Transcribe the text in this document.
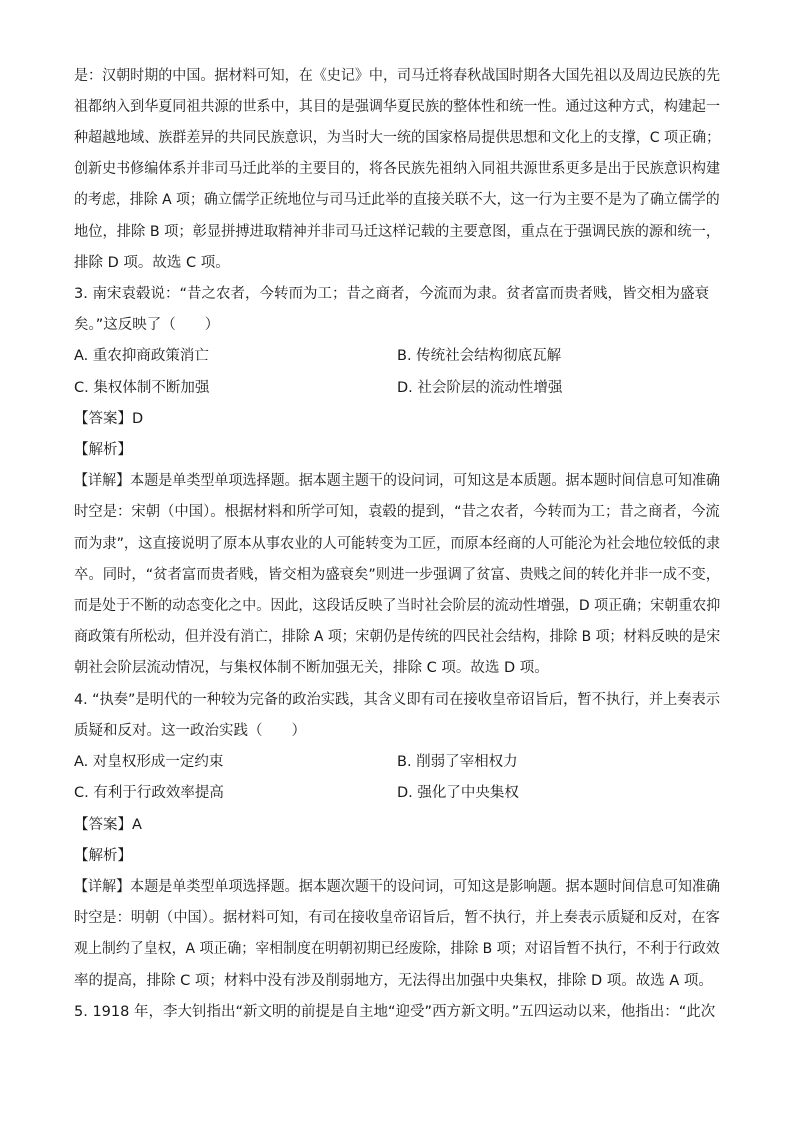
是：汉朝时期的中国。据材料可知，在《史记》中，司马迁将春秋战国时期各大国先祖以及周边民族的先
祖都纳入到华夏同祖共源的世系中，其目的是强调华夏民族的整体性和统一性。通过这种方式，构建起一
种超越地域、族群差异的共同民族意识，为当时大一统的国家格局提供思想和文化上的支撑，C 项正确；
创新史书修编体系并非司马迁此举的主要目的，将各民族先祖纳入同祖共源世系更多是出于民族意识构建
的考虑，排除 A 项；确立儒学正统地位与司马迁此举的直接关联不大，这一行为主要不是为了确立儒学的
地位，排除 B 项；彰显拼搏进取精神并非司马迁这样记载的主要意图，重点在于强调民族的源和统一，
排除 D 项。故选 C 项。
3. 南宋袁毂说：“昔之农者，今转而为工；昔之商者，今流而为隶。贫者富而贵者贱，皆交相为盛衰
矣。”这反映了（　　）
A. 重农抑商政策消亡	B. 传统社会结构彻底瓦解
C. 集权体制不断加强	D. 社会阶层的流动性增强
【答案】D
【解析】
【详解】本题是单类型单项选择题。据本题主题干的设问词，可知这是本质题。据本题时间信息可知准确
时空是：宋朝（中国）。根据材料和所学可知，袁毂的提到，“昔之农者，今转而为工；昔之商者，今流
而为隶”，这直接说明了原本从事农业的人可能转变为工匠，而原本经商的人可能沦为社会地位较低的隶
卒。同时，“贫者富而贵者贱，皆交相为盛衰矣”则进一步强调了贫富、贵贱之间的转化并非一成不变，
而是处于不断的动态变化之中。因此，这段话反映了当时社会阶层的流动性增强，D 项正确；宋朝重农抑
商政策有所松动，但并没有消亡，排除 A 项；宋朝仍是传统的四民社会结构，排除 B 项；材料反映的是宋
朝社会阶层流动情况，与集权体制不断加强无关，排除 C 项。故选 D 项。
4. “执奏”是明代的一种较为完备的政治实践，其含义即有司在接收皇帝诏旨后，暂不执行，并上奏表示
质疑和反对。这一政治实践（　　）
A. 对皇权形成一定约束	B. 削弱了宰相权力
C. 有利于行政效率提高	D. 强化了中央集权
【答案】A
【解析】
【详解】本题是单类型单项选择题。据本题次题干的设问词，可知这是影响题。据本题时间信息可知准确
时空是：明朝（中国）。据材料可知，有司在接收皇帝诏旨后，暂不执行，并上奏表示质疑和反对，在客
观上制约了皇权，A 项正确；宰相制度在明朝初期已经废除，排除 B 项；对诏旨暂不执行，不利于行政效
率的提高，排除 C 项；材料中没有涉及削弱地方，无法得出加强中央集权，排除 D 项。故选 A 项。
5. 1918 年，李大钊指出“新文明的前提是自主地“迎受”西方新文明。”五四运动以来，他指出：“此次
